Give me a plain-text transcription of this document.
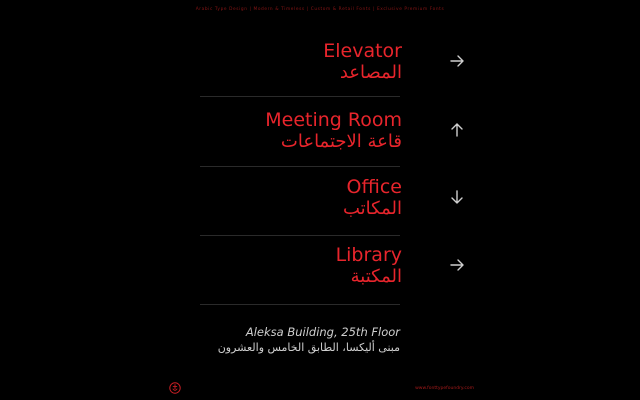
Arabic Type Design | Modern & Timeless | Custom & Retail Fonts | Exclusive Premium Fonts
Elevator
المصاعد
Meeting Room
قاعة الاجتماعات
Office
المكاتب
Library
المكتبة
Aleksa Building, 25th Floor
مبنى أليكسا، الطابق الخامس والعشرون
www.fonttypefoundry.com
